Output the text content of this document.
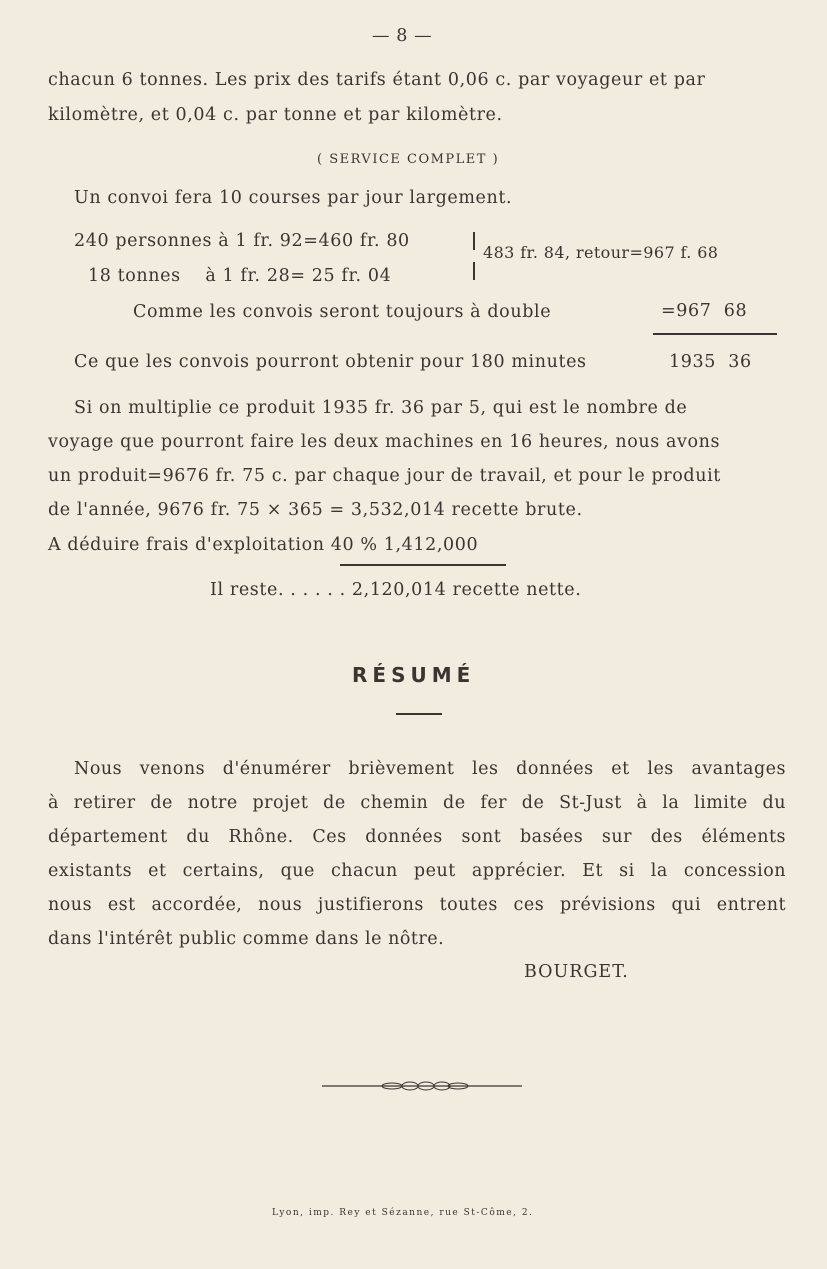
— 8 —
chacun 6 tonnes. Les prix des tarifs étant 0,06 c. par voyageur et par
kilomètre, et 0,04 c. par tonne et par kilomètre.
( SERVICE COMPLET )
Un convoi fera 10 courses par jour largement.
240 personnes à 1 fr. 92=460 fr. 80
18 tonnes    à 1 fr. 28= 25 fr. 04
483 fr. 84, retour=967 f. 68
Comme les convois seront toujours à double	=967  68
Ce que les convois pourront obtenir pour 180 minutes	1935  36
Si on multiplie ce produit 1935 fr. 36 par 5, qui est le nombre de
voyage que pourront faire les deux machines en 16 heures, nous avons
un produit=9676 fr. 75 c. par chaque jour de travail, et pour le produit
de l'année, 9676 fr. 75 × 365 = 3,532,014 recette brute.
A déduire frais d'exploitation 40 % 1,412,000
Il reste. . . . . . 2,120,014 recette nette.
RÉSUMÉ
Nous venons d'énumérer brièvement les données et les avantages
à retirer de notre projet de chemin de fer de St-Just à la limite du
département du Rhône. Ces données sont basées sur des éléments
existants et certains, que chacun peut apprécier. Et si la concession
nous est accordée, nous justifierons toutes ces prévisions qui entrent
dans l'intérêt public comme dans le nôtre.
BOURGET.
Lyon, imp. Rey et Sézanne, rue St-Côme, 2.
